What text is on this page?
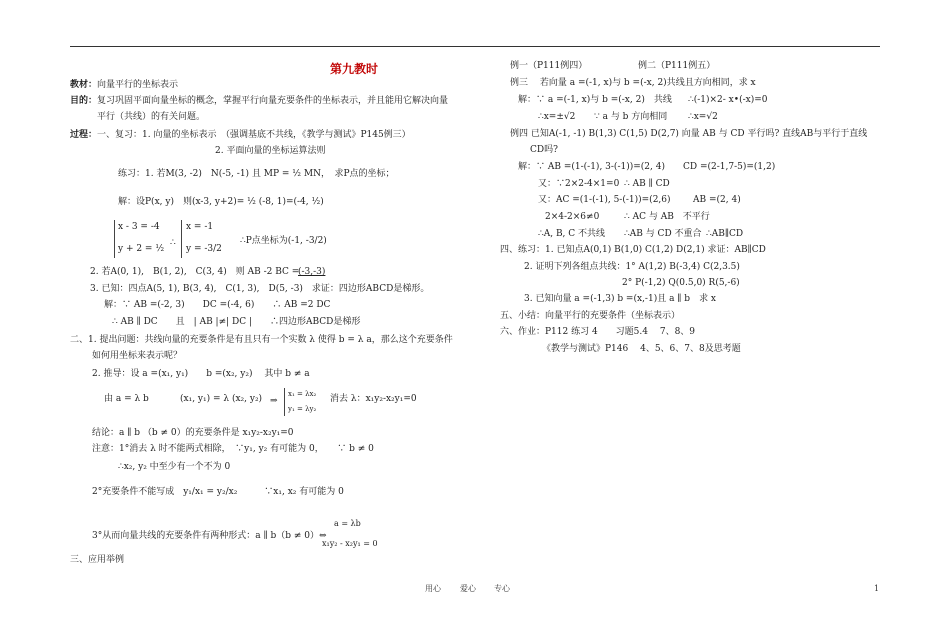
第九教时
教材： 向量平行的坐标表示
目的： 复习巩固平面向量坐标的概念，掌握平行向量充要条件的坐标表示，并且能用它解决向量
平行（共线）的有关问题。
过程： 一、复习：1. 向量的坐标表示　（强调基底不共线，《教学与测试》P145例三）
2. 平面向量的坐标运算法则
练习：1. 若M(3, -2)　N(-5, -1) 且 MP = ½ MN，　求P点的坐标；
解：设P(x, y)　则(x-3, y+2)= ½ (-8, 1)=(-4, ½)
x - 3 = -4
y + 2 = ½
∴
x = -1
y = -3/2
∴P点坐标为(-1, -3/2)
2. 若A(0, 1),　B(1, 2),　C(3, 4)　则 AB -2 BC =
(-3,-3)
3. 已知：四点A(5, 1), B(3, 4),　C(1, 3),　D(5, -3)　求证：四边形ABCD是梯形。
解：∵ AB =(-2, 3)　　DC =(-4, 6)　　∴ AB =2 DC
∴ AB ∥ DC　　且　| AB |≠| DC |　　∴四边形ABCD是梯形
二、1. 提出问题：共线向量的充要条件是有且只有一个实数 λ 使得 b = λ a，那么这个充要条件
如何用坐标来表示呢？
2. 推导：设 a =(x₁, y₁)　　b =(x₂, y₂)　 其中 b ≠ a
由 a = λ b	(x₁, y₁) = λ (x₂, y₂) ⇒
x₁ = λx₂
y₁ = λy₂
消去 λ：x₁y₂-x₂y₁=0
结论：a ∥ b （b ≠ 0）的充要条件是 x₁y₂-x₂y₁=0
注意：1°消去 λ 时不能两式相除，　∵y₁, y₂ 有可能为 0，　　∵ b ≠ 0
∴x₂, y₂ 中至少有一个不为 0
2°充要条件不能写成　y₁/x₁ = y₂/x₂　　　∵x₁, x₂ 有可能为 0
3°从而向量共线的充要条件有两种形式：a ∥ b（b ≠ 0）⇔
a = λb
x₁y₂ - x₂y₁ = 0
三、应用举例
例一（P111例四）	例二（P111例五）
例三　 若向量 a =(-1, x)与 b =(-x, 2)共线且方向相同，求 x
解：∵ a =(-1, x)与 b =(-x, 2)　共线 ∴(-1)×2- x•(-x)=0
∴x=±√2 ∵ a 与 b 方向相同 ∴x=√2
例四 已知A(-1, -1) B(1,3) C(1,5) D(2,7) 向量 AB 与 CD 平行吗? 直线AB与平行于直线
CD吗?
解：∵ AB =(1-(-1), 3-(-1))=(2, 4) CD =(2-1,7-5)=(1,2)
又：∵2×2-4×1=0 ∴ AB ∥ CD
又：AC =(1-(-1), 5-(-1))=(2,6) AB =(2, 4)
2×4-2×6≠0	∴ AC 与 AB　不平行
∴A, B, C 不共线 ∴AB 与 CD 不重合 ∴AB∥CD
四、练习：1. 已知点A(0,1) B(1,0) C(1,2) D(2,1) 求证：AB∥CD
2. 证明下列各组点共线：1° A(1,2) B(-3,4) C(2,3.5)
2° P(-1,2) Q(0.5,0) R(5,-6)
3. 已知向量 a =(-1,3) b =(x,-1)且 a ∥ b　求 x
五、小结：向量平行的充要条件（坐标表示）
六、作业：P112 练习 4　　习题5.4　 7、8、9
《教学与测试》P146　 4、5、6、7、8及思考题
用心 爱心 专心	1
